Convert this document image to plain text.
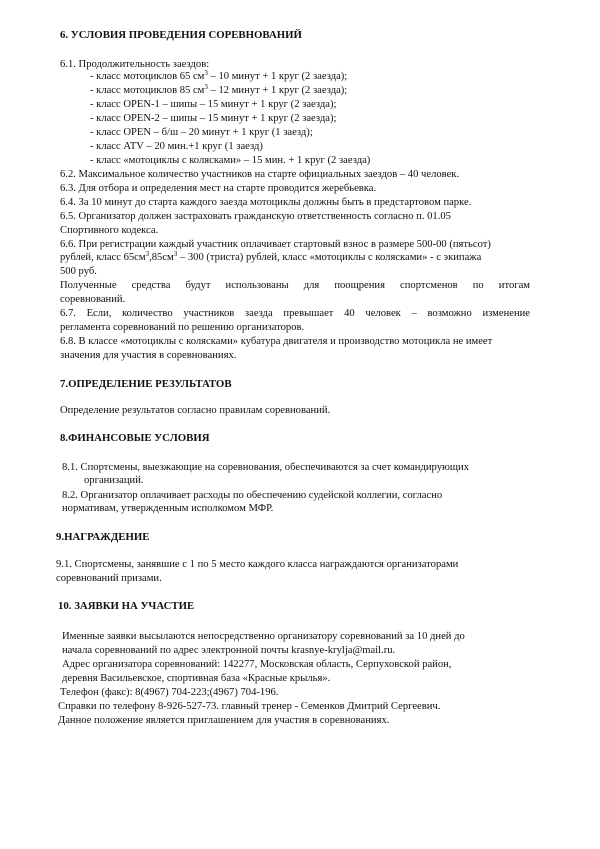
6. УСЛОВИЯ ПРОВЕДЕНИЯ СОРЕВНОВАНИЙ
6.1. Продолжительность заездов:
- класс мотоциклов 65 $см^3 - 10$ минут + 1 круг (2 заезда);
- класс мотоциклов 85 $см^3 - 12$ минут + 1 круг (2 заезда);
- класс OPEN-1 – шипы – 15 минут + 1 круг (2 заезда);
- класс OPEN-2 – шипы – 15 минут + 1 круг (2 заезда);
- класс OPEN – б/ш – 20 минут + 1 круг (1 заезд);
- класс ATV – 20 мин.+1 круг (1 заезд)
- класс «мотоциклы с колясками» – 15 мин. + 1 круг (2 заезда)
6.2. Максимальное количество участников на старте официальных заездов – 40 человек.
6.3. Для отбора и определения мест на старте проводится жеребьевка.
6.4. За 10 минут до старта каждого заезда мотоциклы должны быть в предстартовом парке.
6.5. Организатор должен застраховать гражданскую ответственность согласно п. 01.05
Спортивного кодекса.
6.6. При регистрации каждый участник оплачивает стартовый взнос в размере 500-00 (пятьсот)
рублей, класс $65см^3,85см^3 - 300$ (триста) рублей, класс «мотоциклы с колясками» - с экипажа
500 руб.
Полученные средства будут использованы для поощрения спортсменов по итогам
соревнований.
6.7. Если, количество участников заезда превышает 40 человек – возможно изменение
регламента соревнований по решению организаторов.
6.8. В классе «мотоциклы с колясками» кубатура двигателя и производство мотоцикла не имеет
значения для участия в соревнованиях.
7.ОПРЕДЕЛЕНИЕ РЕЗУЛЬТАТОВ
Определение результатов согласно правилам соревнований.
8.ФИНАНСОВЫЕ УСЛОВИЯ
8.1. Спортсмены, выезжающие на соревнования, обеспечиваются за счет командирующих
организаций.
8.2. Организатор оплачивает расходы по обеспечению судейской коллегии, согласно
нормативам, утвержденным исполкомом МФР.
9.НАГРАЖДЕНИЕ
9.1. Спортсмены, занявшие с 1 по 5 место каждого класса награждаются организаторами
соревнований призами.
10. ЗАЯВКИ НА УЧАСТИЕ
Именные заявки высылаются непосредственно организатору соревнований за 10 дней до
начала соревнований по адрес электронной почты krasnye-krylja@mail.ru.
Адрес организатора соревнований: 142277, Московская область, Серпуховской район,
деревня Васильевское, спортивная база «Красные крылья».
Телефон (факс): 8(4967) 704-223;(4967) 704-196.
Справки по телефону 8-926-527-73. главный тренер - Семенков Дмитрий Сергеевич.
Данное положение является приглашением для участия в соревнованиях.
